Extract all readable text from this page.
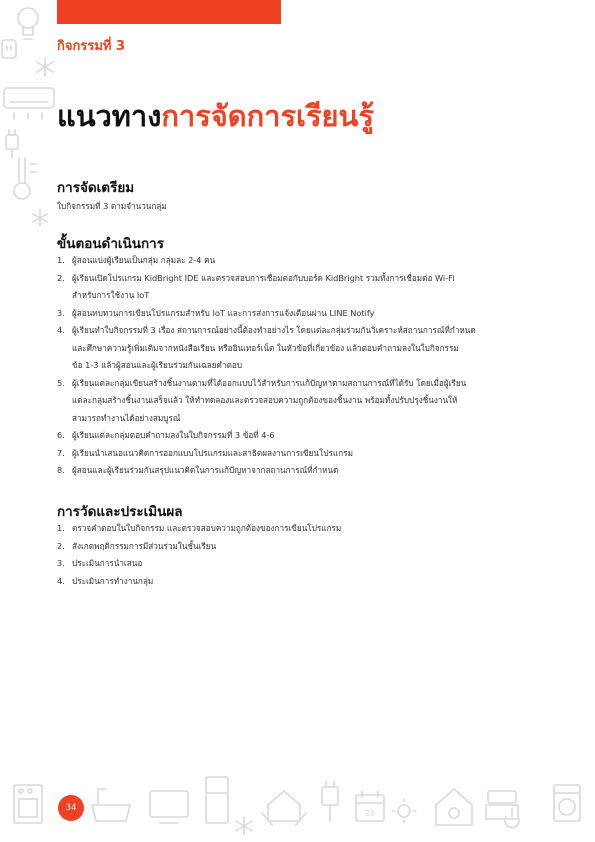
28
กิจกรรมที่ 3
แนวทางการจัดการเรียนรู้
การจัดเตรียม
ใบกิจกรรมที่ 3 ตามจำนวนกลุ่ม
ขั้นตอนดำเนินการ
1. ผู้สอนแบ่งผู้เรียนเป็นกลุ่ม กลุ่มละ 2-4 คน
2. ผู้เรียนเปิดโปรแกรม KidBright IDE และตรวจสอบการเชื่อมต่อกับบอร์ด KidBright รวมทั้งการเชื่อมต่อ Wi-Fi
สำหรับการใช้งาน IoT
3. ผู้สอนทบทวนการเขียนโปรแกรมสำหรับ IoT และการส่งการแจ้งเตือนผ่าน LINE Notify
4. ผู้เรียนทำใบกิจกรรมที่ 3 เรื่อง สถานการณ์อย่างนี้ต้องทำอย่างไร โดยแต่ละกลุ่มร่วมกันวิเคราะห์สถานการณ์ที่กำหนด
และศึกษาความรู้เพิ่มเติมจากหนังสือเรียน หรืออินเทอร์เน็ต ในหัวข้อที่เกี่ยวข้อง แล้วตอบคำถามลงในใบกิจกรรม
ข้อ 1-3 แล้วผู้สอนและผู้เรียนร่วมกันเฉลยคำตอบ
5. ผู้เรียนแต่ละกลุ่มเขียนสร้างชิ้นงานตามที่ได้ออกแบบไว้สำหรับการแก้ปัญหาตามสถานการณ์ที่ได้รับ โดยเมื่อผู้เรียน
แต่ละกลุ่มสร้างชิ้นงานเสร็จแล้ว ให้ทำทดลองและตรวจสอบความถูกต้องของชิ้นงาน พร้อมทั้งปรับปรุงชิ้นงานให้
สามารถทำงานได้อย่างสมบูรณ์
6. ผู้เรียนแต่ละกลุ่มตอบคำถามลงในใบกิจกรรมที่ 3 ข้อที่ 4-6
7. ผู้เรียนนำเสนอแนวคิดการออกแบบโปรแกรมและสาธิตผลงานการเขียนโปรแกรม
8. ผู้สอนและผู้เรียนร่วมกันสรุปแนวคิดในการแก้ปัญหาจากสถานการณ์ที่กำหนด
การวัดและประเมินผล
1. ตรวจคำตอบในใบกิจกรรม และตรวจสอบความถูกต้องของการเขียนโปรแกรม
2. สังเกตพฤติกรรมการมีส่วนร่วมในชั้นเรียน
3. ประเมินการนำเสนอ
4. ประเมินการทำงานกลุ่ม
34
